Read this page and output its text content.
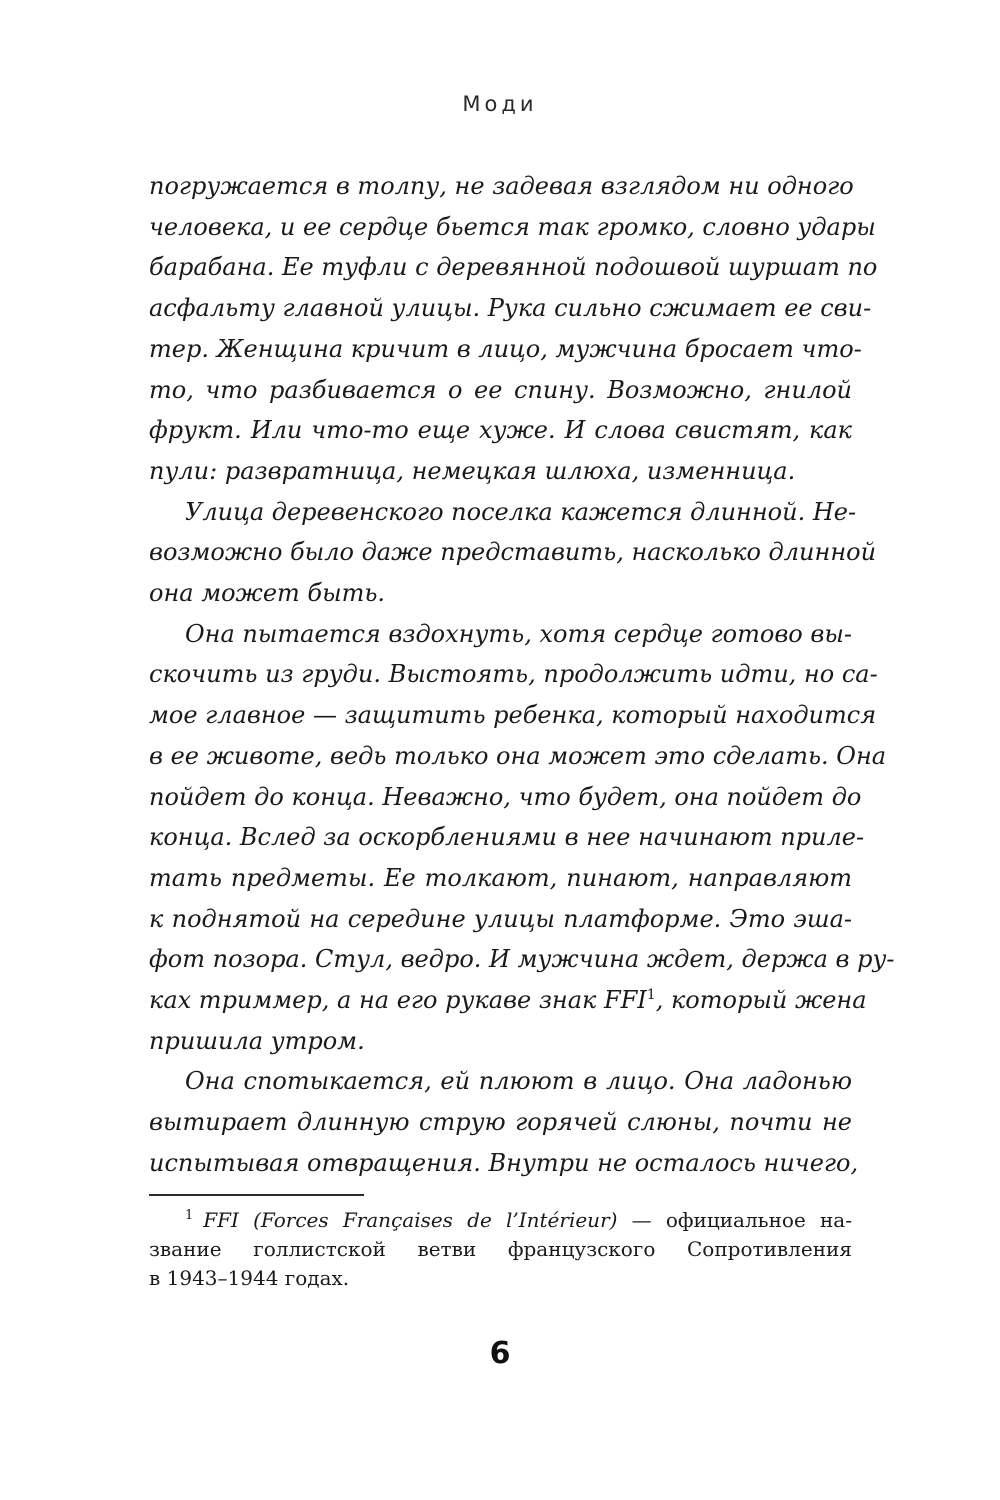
Моди

погружается в толпу, не задевая взглядом ни одного
человека, и ее сердце бьется так громко, словно удары
барабана. Ее туфли с деревянной подошвой шуршат по
асфальту главной улицы. Рука сильно сжимает ее сви-
тер. Женщина кричит в лицо, мужчина бросает что-
то, что разбивается о ее спину. Возможно, гнилой
фрукт. Или что-то еще хуже. И слова свистят, как
пули: развратница, немецкая шлюха, изменница.

Улица деревенского поселка кажется длинной. Не-
возможно было даже представить, насколько длинной
она может быть.

Она пытается вздохнуть, хотя сердце готово вы-
скочить из груди. Выстоять, продолжить идти, но са-
мое главное — защитить ребенка, который находится
в ее животе, ведь только она может это сделать. Она
пойдет до конца. Неважно, что будет, она пойдет до
конца. Вслед за оскорблениями в нее начинают приле-
тать предметы. Ее толкают, пинают, направляют
к поднятой на середине улицы платформе. Это эша-
фот позора. Стул, ведро. И мужчина ждет, держа в ру-
ках триммер, а на его рукаве знак FFI$^1$, который жена
пришила утром.

Она спотыкается, ей плюют в лицо. Она ладонью
вытирает длинную струю горячей слюны, почти не
испытывая отвращения. Внутри не осталось ничего,

$^1$ FFI (Forces Françaises de l’Intérieur) — официальное на-
звание голлистской ветви французского Сопротивления
в 1943–1944 годах.
6
